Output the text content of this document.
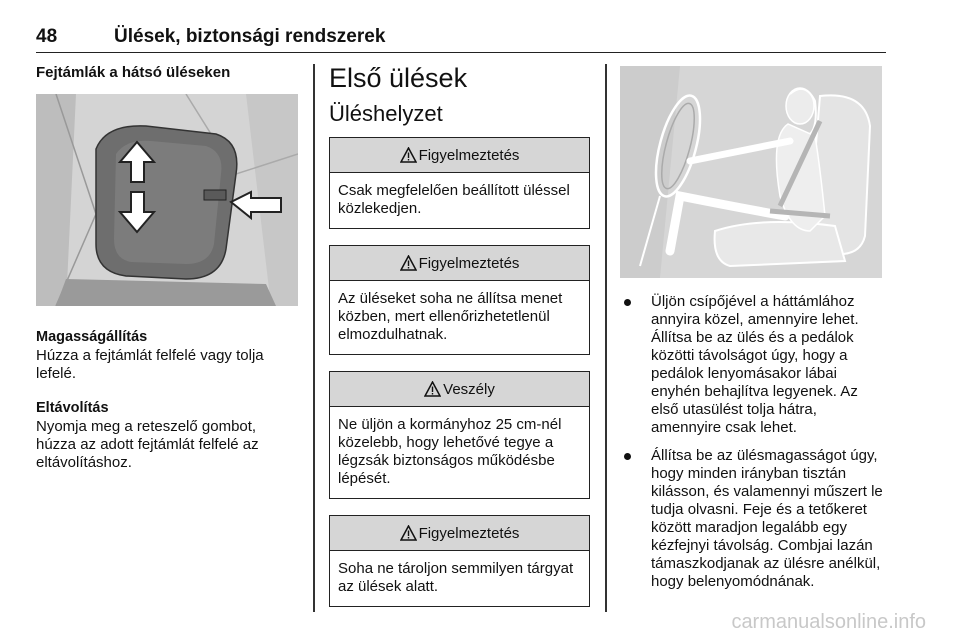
48	Ülések, biztonsági rendszerek
Fejtámlák a hátsó üléseken
Magasságállítás

Húzza a fejtámlát felfelé vagy tolja lefelé.

Eltávolítás

Nyomja meg a reteszelő gombot, húzza az adott fejtámlát felfelé az eltávolításhoz.

Első ülések
Üléshelyzet
Figyelmeztetés
Csak megfelelően beállított üléssel közlekedjen.
Figyelmeztetés
Az üléseket soha ne állítsa menet közben, mert ellenőrizhetetlenül elmozdulhatnak.
Veszély
Ne üljön a kormányhoz 25 cm-nél közelebb, hogy lehetővé tegye a légzsák biztonságos működésbe lépését.
Figyelmeztetés
Soha ne tároljon semmilyen tárgyat az ülések alatt.
Üljön csípőjével a háttámlához annyira közel, amennyire lehet. Állítsa be az ülés és a pedálok közötti távolságot úgy, hogy a pedálok lenyomásakor lábai enyhén behajlítva legyenek. Az első utasülést tolja hátra, amennyire csak lehet.
Állítsa be az ülésmagasságot úgy, hogy minden irányban tisztán kilásson, és valamennyi műszert le tudja olvasni. Feje és a tetőkeret között maradjon legalább egy kézfejnyi távolság. Combjai lazán támaszkodjanak az ülésre anélkül, hogy belenyomódnának.
carmanualsonline.info
